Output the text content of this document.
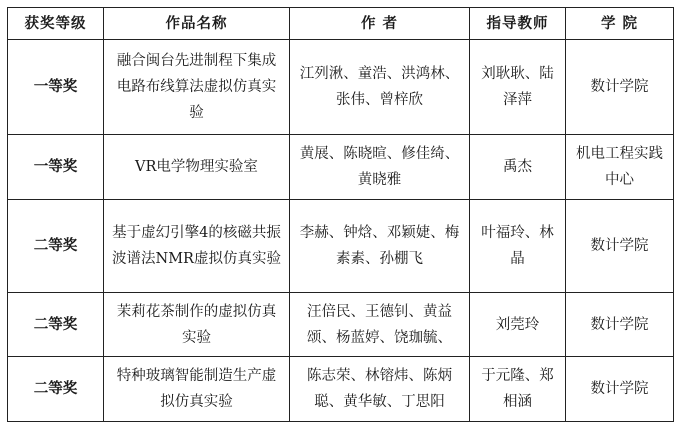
获奖等级	作品名称	作 者	指导教师	学 院
一等奖	融合闽台先进制程下集成电路布线算法虚拟仿真实验	江列湫、童浩、洪鸿林、张伟、曾梓欣	刘耿耿、陆泽萍	数计学院
一等奖	VR电学物理实验室	黄展、陈晓暄、修佳绮、黄晓雅	禹杰	机电工程实践中心
二等奖	基于虚幻引擎4的核磁共振波谱法NMR虚拟仿真实验	李赫、钟焓、邓颖婕、梅素素、孙棚飞	叶福玲、林晶	数计学院
二等奖	茉莉花茶制作的虚拟仿真实验	汪倍民、王德钊、黄益颂、杨蓝婷、饶珈毓、	刘莞玲	数计学院
二等奖	特种玻璃智能制造生产虚拟仿真实验	陈志荣、林镕炜、陈炳聪、黄华敏、丁思阳	于元隆、郑相涵	数计学院
